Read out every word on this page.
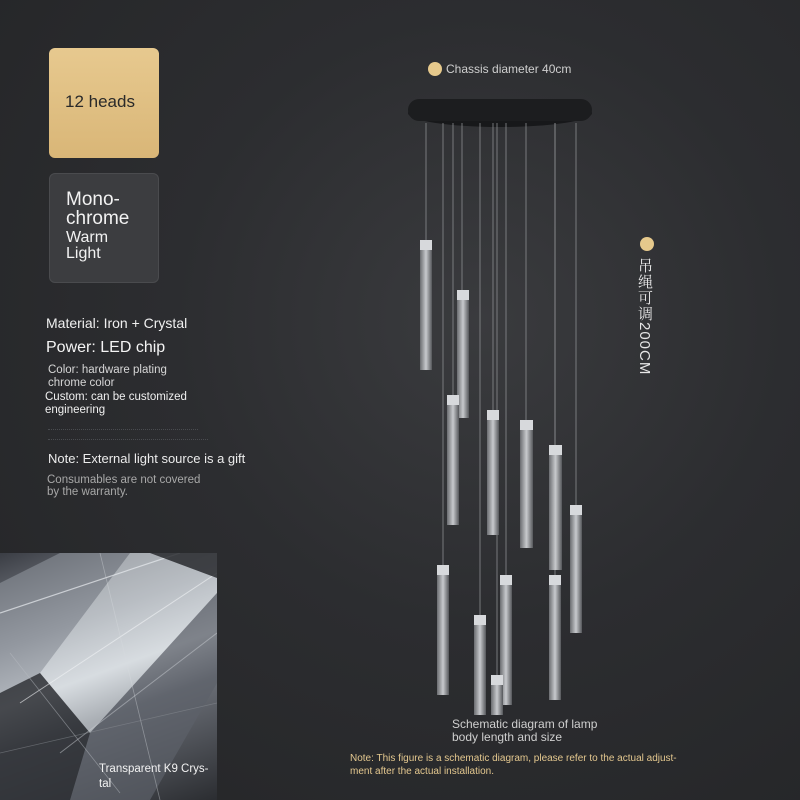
12 heads
Mono-
chrome
Warm
Light
Material: Iron + Crystal
Power: LED chip
Color: hardware plating
chrome color
Custom: can be customized
engineering
Note: External light source is a gift
Consumables are not covered
by the warranty.
Transparent K9 Crys-
tal
Chassis diameter 40cm
吊绳可调200CM
Schematic diagram of lamp
body length and size
Note: This figure is a schematic diagram, please refer to the actual adjust-
ment after the actual installation.
